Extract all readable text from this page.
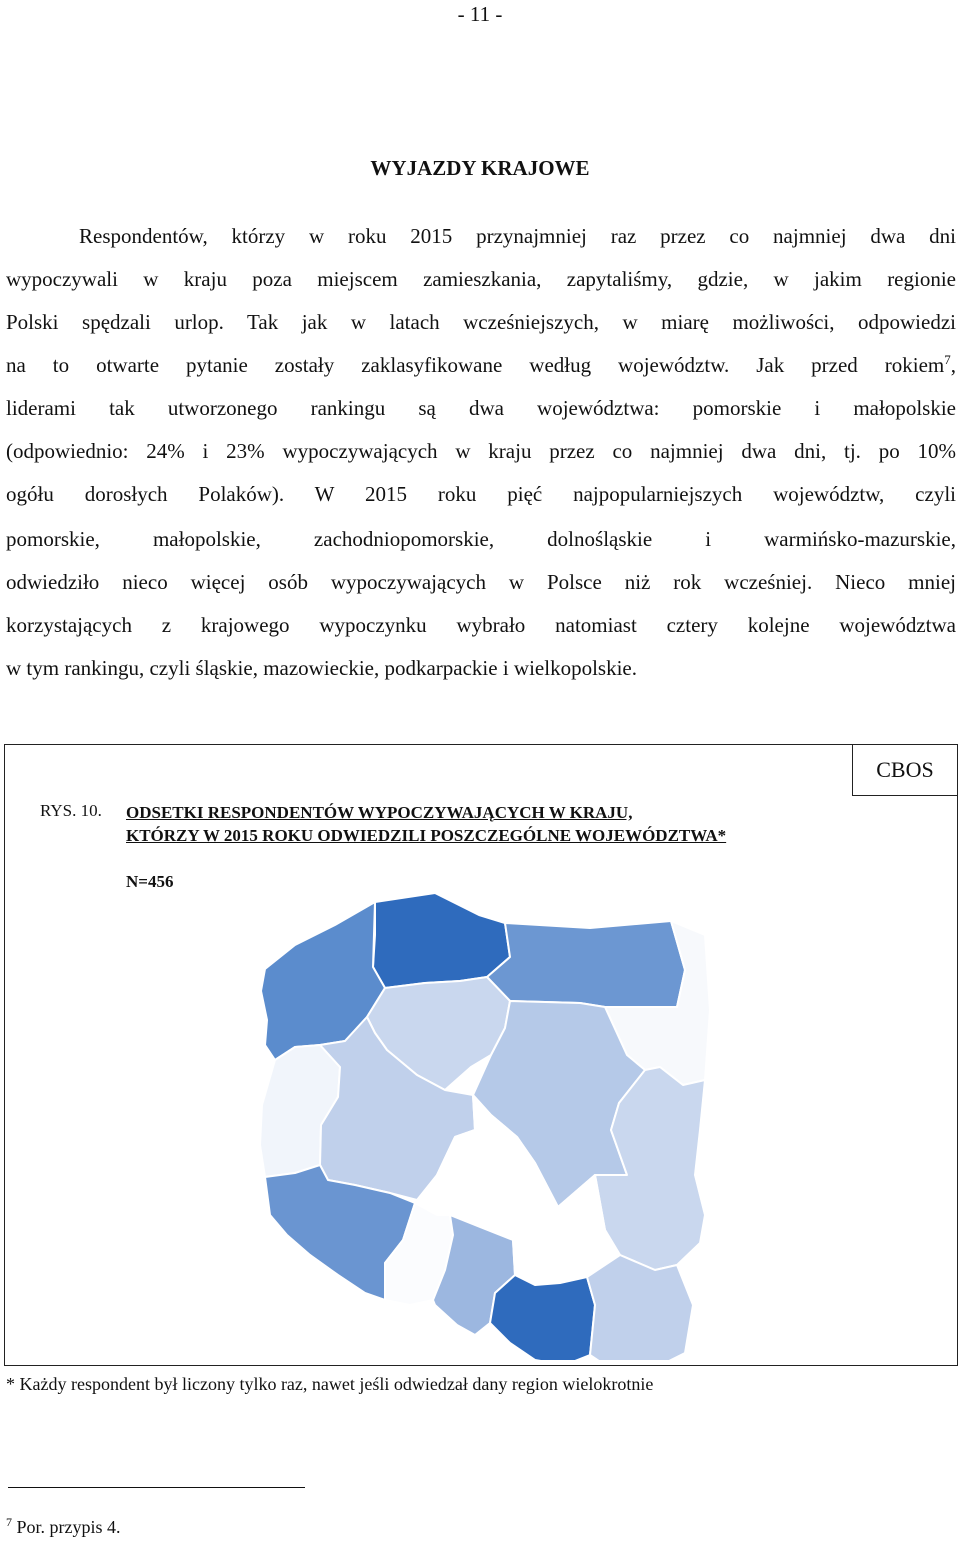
- 11 -
WYJAZDY KRAJOWE
Respondentów, którzy w roku 2015 przynajmniej raz przez co najmniej dwa dni
wypoczywali w kraju poza miejscem zamieszkania, zapytaliśmy, gdzie, w jakim regionie
Polski spędzali urlop. Tak jak w latach wcześniejszych, w miarę możliwości, odpowiedzi
na to otwarte pytanie zostały zaklasyfikowane według województw. Jak przed rokiem$^7$,
liderami tak utworzonego rankingu są dwa województwa: pomorskie i małopolskie
(odpowiednio: 24% i 23% wypoczywających w kraju przez co najmniej dwa dni, tj. po 10%
ogółu dorosłych Polaków). W 2015 roku pięć najpopularniejszych województw, czyli
pomorskie, małopolskie, zachodniopomorskie, dolnośląskie i warmińsko-mazurskie,
odwiedziło nieco więcej osób wypoczywających w Polsce niż rok wcześniej. Nieco mniej
korzystających z krajowego wypoczynku wybrało natomiast cztery kolejne województwa
w tym rankingu, czyli śląskie, mazowieckie, podkarpackie i wielkopolskie.
CBOS
RYS. 10. ODSETKI RESPONDENTÓW WYPOCZYWAJĄCYCH W KRAJU,
KTÓRZY W 2015 ROKU ODWIEDZILI POSZCZEGÓLNE WOJEWÓDZTWA*
N=456
* Każdy respondent był liczony tylko raz, nawet jeśli odwiedzał dany region wielokrotnie
$^7$ Por. przypis 4.
